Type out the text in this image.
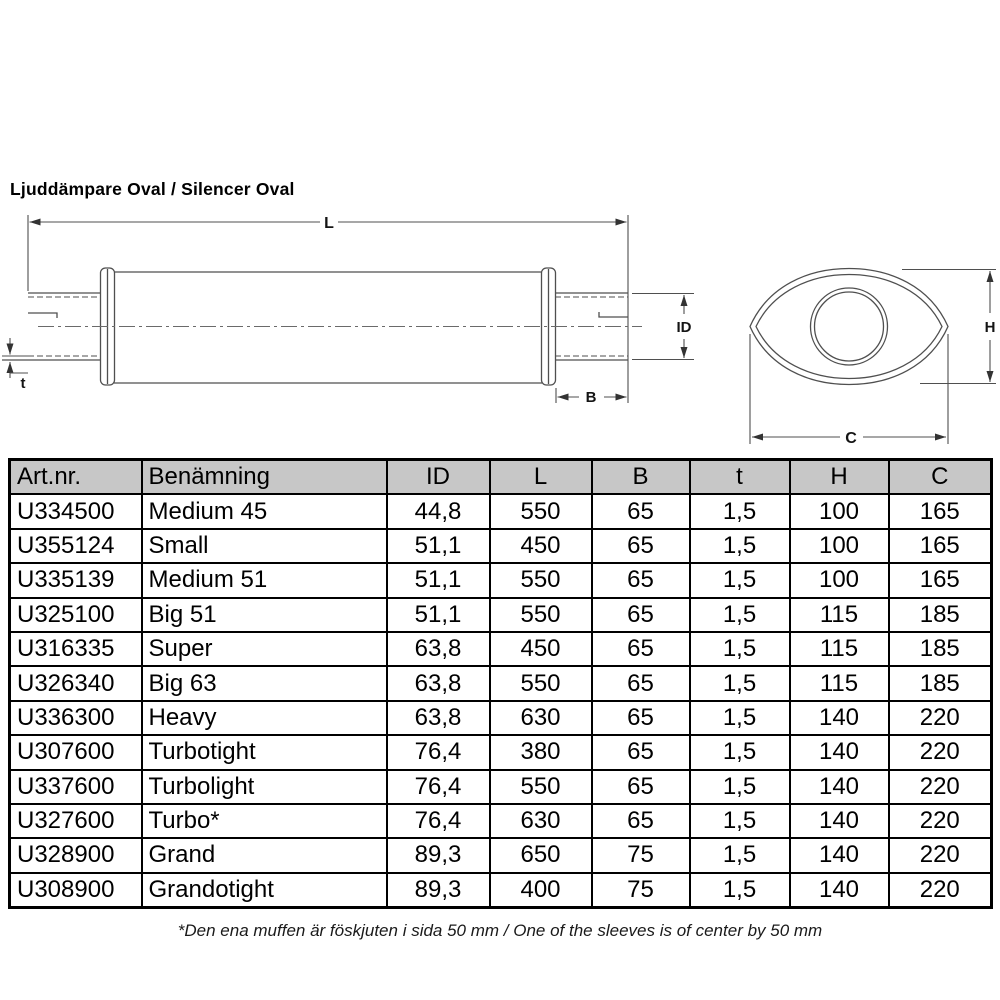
Ljuddämpare Oval / Silencer Oval
L
ID
B
t
H
C
Art.nr.	Benämning	ID	L	B	t	H	C
U334500	Medium 45	44,8	550	65	1,5	100	165
U355124	Small	51,1	450	65	1,5	100	165
U335139	Medium 51	51,1	550	65	1,5	100	165
U325100	Big 51	51,1	550	65	1,5	115	185
U316335	Super	63,8	450	65	1,5	115	185
U326340	Big 63	63,8	550	65	1,5	115	185
U336300	Heavy	63,8	630	65	1,5	140	220
U307600	Turbotight	76,4	380	65	1,5	140	220
U337600	Turbolight	76,4	550	65	1,5	140	220
U327600	Turbo*	76,4	630	65	1,5	140	220
U328900	Grand	89,3	650	75	1,5	140	220
U308900	Grandotight	89,3	400	75	1,5	140	220
*Den ena muffen är föskjuten i sida 50 mm / One of the sleeves is of center by 50 mm
